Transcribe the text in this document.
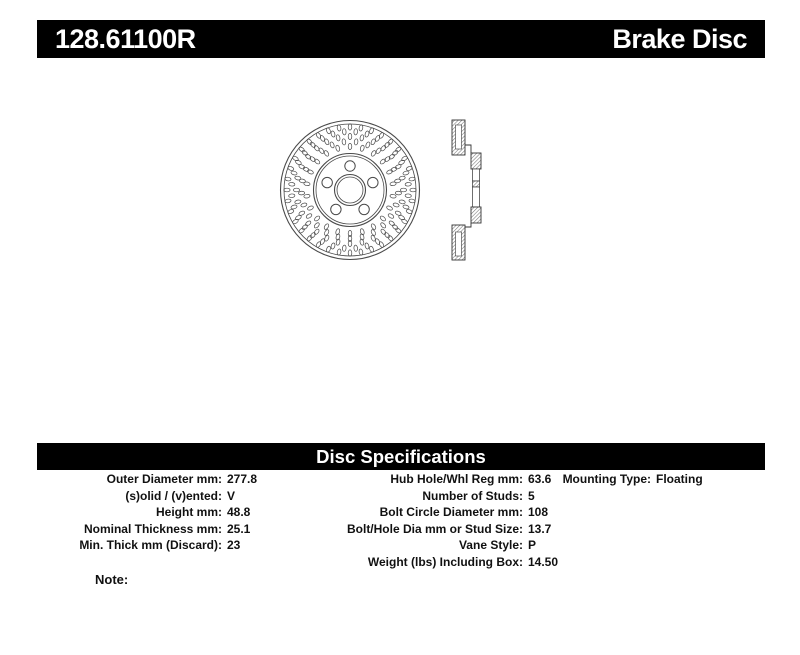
128.61100R	Brake Disc
Disc Specifications
Outer Diameter mm: 277.8
(s)olid / (v)ented: V
Height mm: 48.8
Nominal Thickness mm: 25.1
Min. Thick mm (Discard): 23
Hub Hole/Whl Reg mm: 63.6
Number of Studs: 5
Bolt Circle Diameter mm: 108
Bolt/Hole Dia mm or Stud Size: 13.7
Vane Style: P
Weight (lbs) Including Box: 14.50
Mounting Type: Floating
Note:
